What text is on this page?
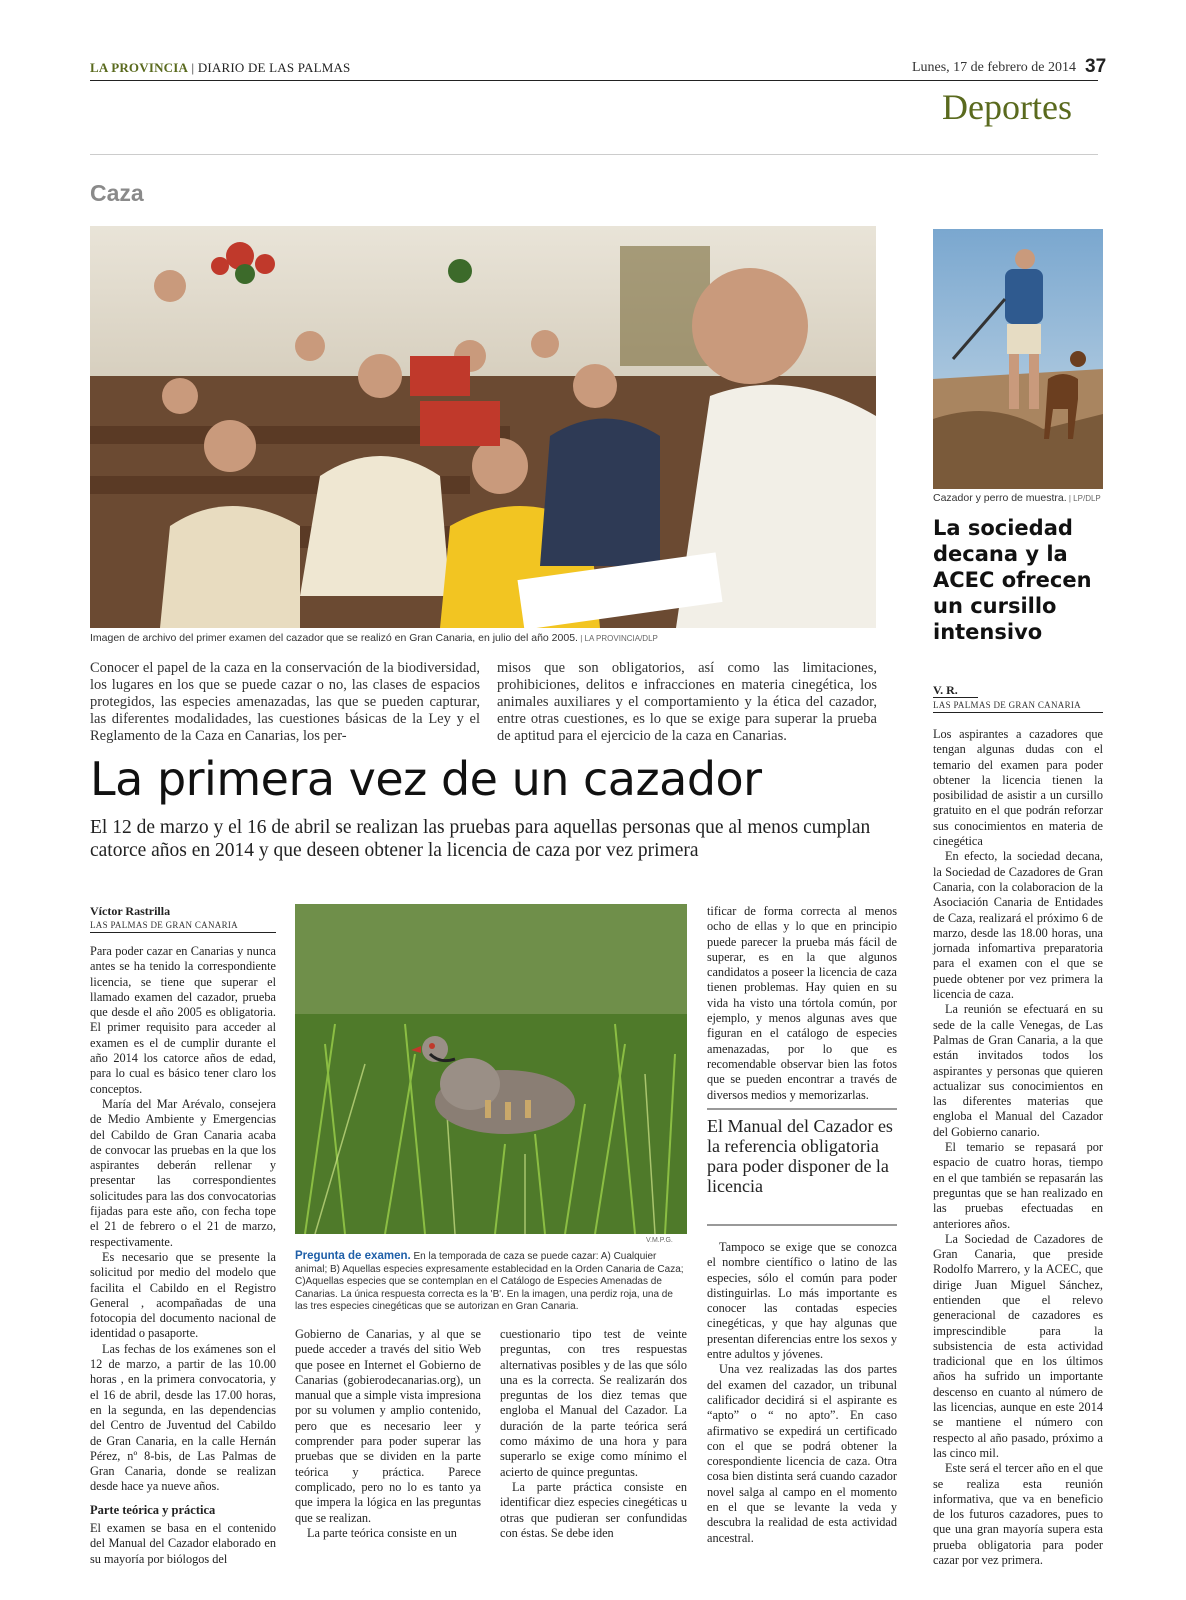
LA PROVINCIA | DIARIO DE LAS PALMAS	Lunes, 17 de febrero de 2014 37
Deportes
Caza
Imagen de archivo del primer examen del cazador que se realizó en Gran Canaria, en julio del año 2005. | LA PROVINCIA/DLP
Cazador y perro de muestra. | LP/DLP
Conocer el papel de la caza en la conservación de la biodiversidad, los lugares en los que se puede cazar o no, las clases de espacios protegidos, las especies amenazadas, las que se pueden capturar, las diferentes modalidades, las cuestiones básicas de la Ley y el Reglamento de la Caza en Canarias, los per-
misos que son obligatorios, así como las limitaciones, prohibiciones, delitos e infracciones en materia cinegética, los animales auxiliares y el comportamiento y la ética del cazador, entre otras cuestiones, es lo que se exige para superar la prueba de aptitud para el ejercicio de la caza en Canarias.
La primera vez de un cazador
El 12 de marzo y el 16 de abril se realizan las pruebas para aquellas personas que al menos cumplan catorce años en 2014 y que deseen obtener la licencia de caza por vez primera
Víctor Rastrilla
LAS PALMAS DE GRAN CANARIA

Para poder cazar en Canarias y nunca antes se ha tenido la correspondiente licencia, se tiene que superar el llamado examen del cazador, prueba que desde el año 2005 es obligatoria. El primer requisito para acceder al examen es el de cumplir durante el año 2014 los catorce años de edad, para lo cual es básico tener claro los conceptos.

María del Mar Arévalo, consejera de Medio Ambiente y Emergencias del Cabildo de Gran Canaria acaba de convocar las pruebas en la que los aspirantes deberán rellenar y presentar las correspondientes solicitudes para las dos convocatorias fijadas para este año, con fecha tope el 21 de febrero o el 21 de marzo, respectivamente.

Es necesario que se presente la solicitud por medio del modelo que facilita el Cabildo en el Registro General , acompañadas de una fotocopia del documento nacional de identidad o pasaporte.

Las fechas de los exámenes son el 12 de marzo, a partir de las 10.00 horas , en la primera convocatoria, y el 16 de abril, desde las 17.00 horas, en la segunda, en las dependencias del Centro de Juventud del Cabildo de Gran Canaria, en la calle Hernán Pérez, nº 8-bis, de Las Palmas de Gran Canaria, donde se realizan desde hace ya nueve años.

Parte teórica y práctica

El examen se basa en el contenido del Manual del Cazador elaborado en su mayoría por biólogos del

V.M.P.G.
Pregunta de examen. En la temporada de caza se puede cazar: A) Cualquier animal; B) Aquellas especies expresamente establecidad en la Orden Canaria de Caza; C)Aquellas especies que se contemplan en el Catálogo de Especies Amenadas de Canarias. La única respuesta correcta es la 'B'. En la imagen, una perdiz roja, una de las tres especies cinegéticas que se autorizan en Gran Canaria.

Gobierno de Canarias, y al que se puede acceder a través del sitio Web que posee en Internet el Gobierno de Canarias (gobierodecanarias.org), un manual que a simple vista impresiona por su volumen y amplio contenido, pero que es necesario leer y comprender para poder superar las pruebas que se dividen en la parte teórica y práctica. Parece complicado, pero no lo es tanto ya que impera la lógica en las preguntas que se realizan.

La parte teórica consiste en un

cuestionario tipo test de veinte preguntas, con tres respuestas alternativas posibles y de las que sólo una es la correcta. Se realizarán dos preguntas de los diez temas que engloba el Manual del Cazador. La duración de la parte teórica será como máximo de una hora y para superarlo se exige como mínimo el acierto de quince preguntas.

La parte práctica consiste en identificar diez especies cinegéticas u otras que pudieran ser confundidas con éstas. Se debe iden

tificar de forma correcta al menos ocho de ellas y lo que en principio puede parecer la prueba más fácil de superar, es en la que algunos candidatos a poseer la licencia de caza tienen problemas. Hay quien en su vida ha visto una tórtola común, por ejemplo, y menos algunas aves que figuran en el catálogo de especies amenazadas, por lo que es recomendable observar bien las fotos que se pueden encontrar a través de diversos medios y memorizarlas.

El Manual del Cazador es la referencia obligatoria para poder disponer de la licencia

Tampoco se exige que se conozca el nombre científico o latino de las especies, sólo el común para poder distinguirlas. Lo más importante es conocer las contadas especies cinegéticas, y que hay algunas que presentan diferencias entre los sexos y entre adultos y jóvenes.

Una vez realizadas las dos partes del examen del cazador, un tribunal calificador decidirá si el aspirante es “apto” o “ no apto”. En caso afirmativo se expedirá un certificado con el que se podrá obtener la corespondiente licencia de caza. Otra cosa bien distinta será cuando cazador novel salga al campo en el momento en el que se levante la veda y descubra la realidad de esta actividad ancestral.

La sociedad decana y la ACEC ofrecen un cursillo intensivo
V. R.
LAS PALMAS DE GRAN CANARIA

Los aspirantes a cazadores que tengan algunas dudas con el temario del examen para poder obtener la licencia tienen la posibilidad de asistir a un cursillo gratuito en el que podrán reforzar sus conocimientos en materia de cinegética

En efecto, la sociedad decana, la Sociedad de Cazadores de Gran Canaria, con la colaboracion de la Asociación Canaria de Entidades de Caza, realizará el próximo 6 de marzo, desde las 18.00 horas, una jornada infomartiva preparatoria para el examen con el que se puede obtener por vez primera la licencia de caza.

La reunión se efectuará en su sede de la calle Venegas, de Las Palmas de Gran Canaria, a la que están invitados todos los aspirantes y personas que quieren actualizar sus conocimientos en las diferentes materias que engloba el Manual del Cazador del Gobierno canario.

El temario se repasará por espacio de cuatro horas, tiempo en el que también se repasarán las preguntas que se han realizado en las pruebas efectuadas en anteriores años.

La Sociedad de Cazadores de Gran Canaria, que preside Rodolfo Marrero, y la ACEC, que dirige Juan Miguel Sánchez, entienden que el relevo generacional de cazadores es imprescindible para la subsistencia de esta actividad tradicional que en los últimos años ha sufrido un importante descenso en cuanto al número de las licencias, aunque en este 2014 se mantiene el número con respecto al año pasado, próximo a las cinco mil.

Este será el tercer año en el que se realiza esta reunión informativa, que va en beneficio de los futuros cazadores, pues to que una gran mayoría supera esta prueba obligatoria para poder cazar por vez primera.
